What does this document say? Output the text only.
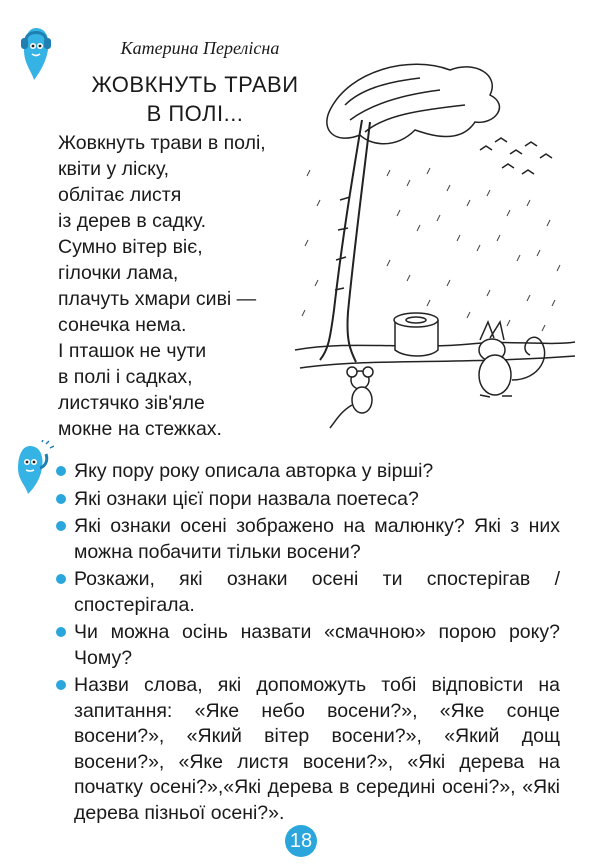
Катерина Перелісна
ЖОВКНУТЬ ТРАВИ
В ПОЛІ...
Жовкнуть трави в полі,
квіти у ліску,
облітає листя
із дерев в садку.
Сумно вітер віє,
гілочки лама,
плачуть хмари сиві —
сонечка нема.
І пташок не чути
в полі і садках,
листячко зів'яле
мокне на стежках.
Яку пору року описала авторка у вірші?
Які ознаки цієї пори назвала поетеса?
Які ознаки осені зображено на малюнку? Які з них можна побачити тільки восени?
Розкажи, які ознаки осені ти спостерігав / спостерігала.
Чи можна осінь назвати «смачною» порою року? Чому?
Назви слова, які допоможуть тобі відповісти на запитання: «Яке небо восени?», «Яке сонце восени?», «Який вітер восени?», «Який дощ восени?», «Яке листя восени?», «Які дерева на початку осені?»,«Які дерева в середині осені?», «Які дерева пізньої осені?».
18
